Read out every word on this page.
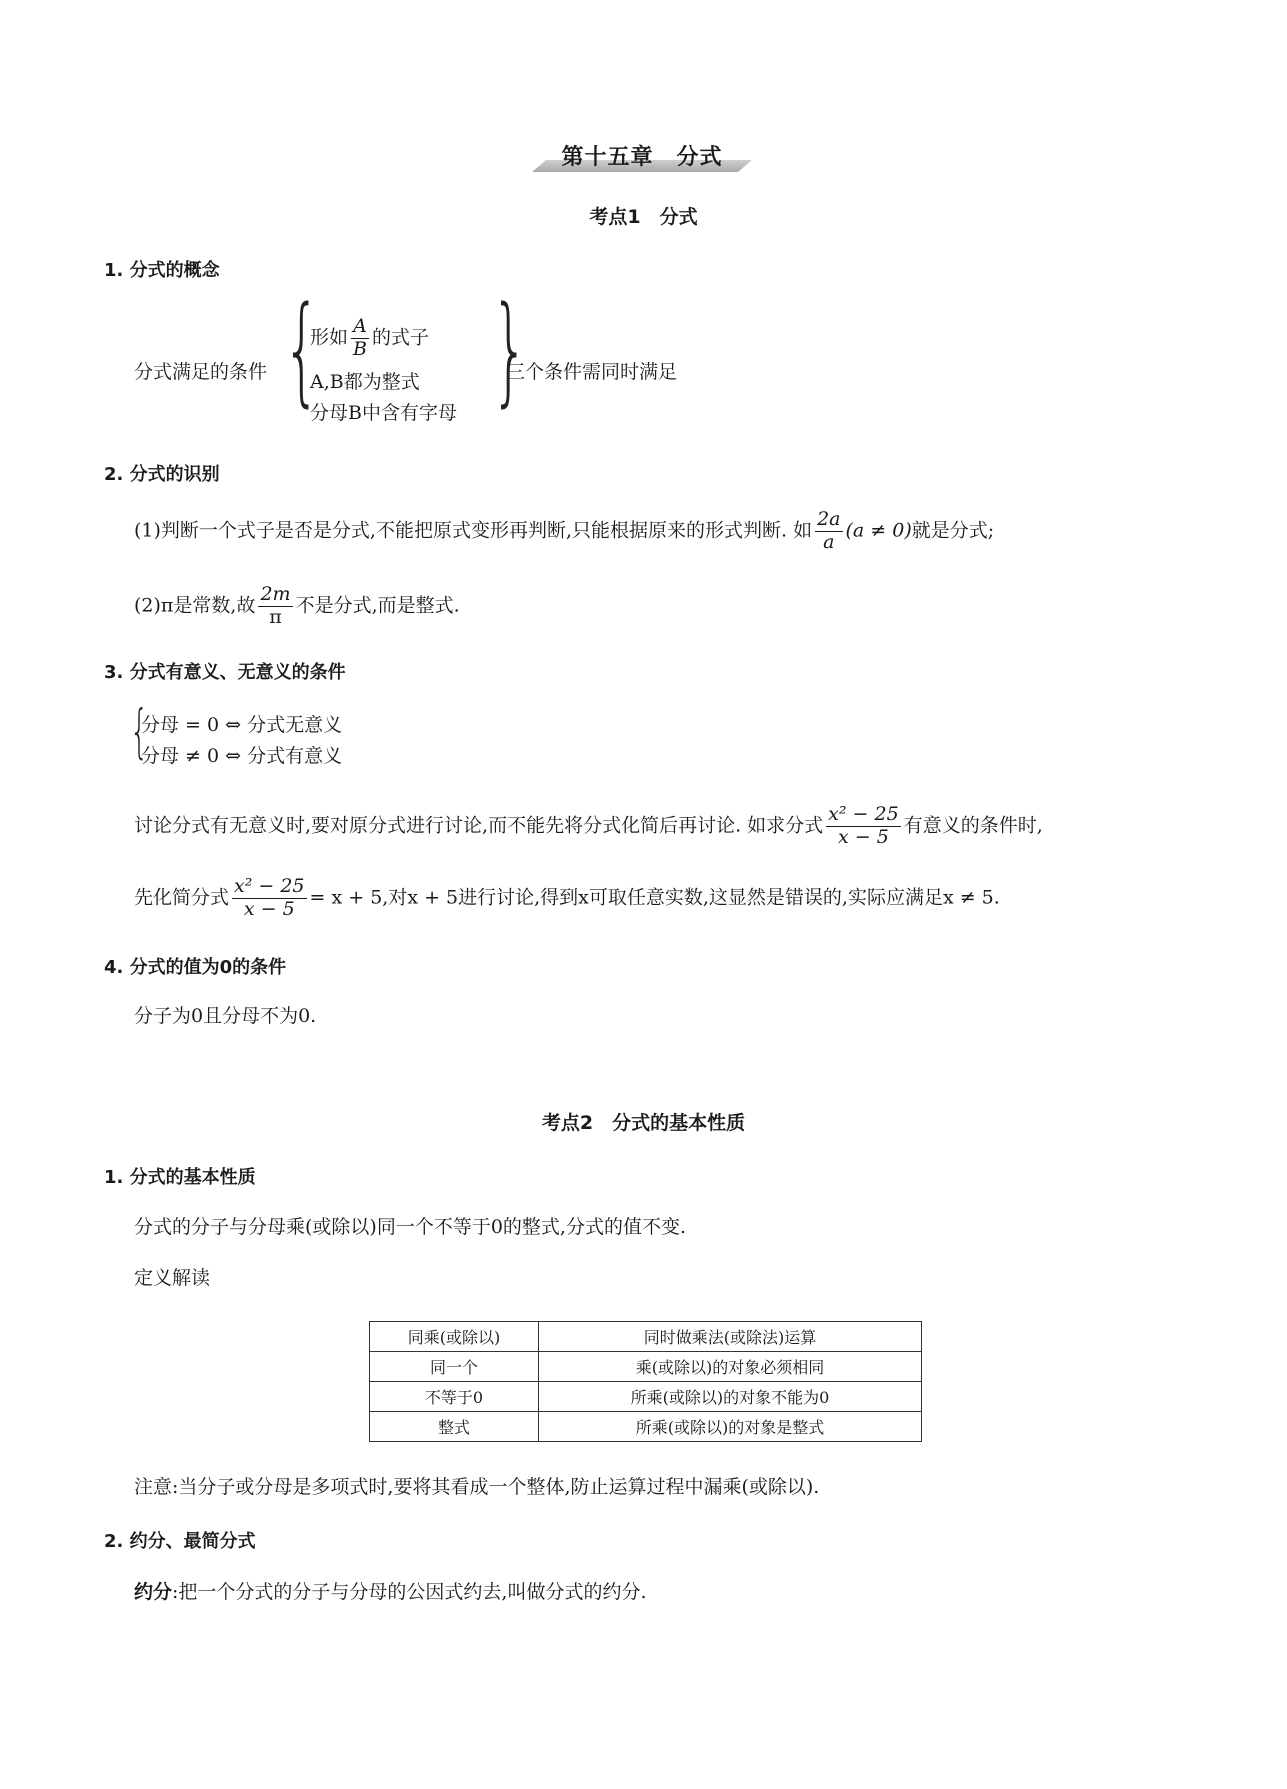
第十五章　分式
考点1　分式
1. 分式的概念
分式满足的条件 {
形如 $\frac{A}{B}$ 的式子
A,B都为整式
分母B中含有字母 }
三个条件需同时满足
2. 分式的识别
(1)判断一个式子是否是分式,不能把原式变形再判断,只能根据原来的形式判断. 如 $\frac{2a}{a} (a \ne 0)$就是分式;
(2)π是常数,故 $\frac{2m}{\pi}$ 不是分式,而是整式.
3. 分式有意义、无意义的条件
{
分母 = 0 ⇔ 分式无意义
分母 ≠ 0 ⇔ 分式有意义
讨论分式有无意义时,要对原分式进行讨论,而不能先将分式化简后再讨论. 如求分式 $\frac{\text{x² − 25}}{x - 5}$ 有意义的条件时,
先化简分式 $\frac{\text{x² − 25}}{x - 5} = x + 5$,对x + 5进行讨论,得到x可取任意实数,这显然是错误的,实际应满足x ≠ 5.
4. 分式的值为0的条件
分子为0且分母不为0.
考点2　分式的基本性质
1. 分式的基本性质
分式的分子与分母乘(或除以)同一个不等于0的整式,分式的值不变.
定义解读
同乘(或除以)	同时做乘法(或除法)运算
同一个	乘(或除以)的对象必须相同
不等于0	所乘(或除以)的对象不能为0
整式	所乘(或除以)的对象是整式
注意:当分子或分母是多项式时,要将其看成一个整体,防止运算过程中漏乘(或除以).
2. 约分、最简分式
约分:把一个分式的分子与分母的公因式约去,叫做分式的约分.
